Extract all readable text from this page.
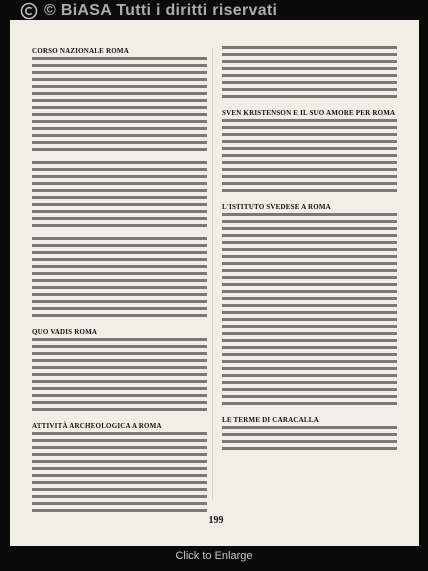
© BiASA Tutti i diritti riservati
CORSO NAZIONALE ROMA
QUO VADIS ROMA
ATTIVITÀ ARCHEOLOGICA A ROMA
SVEN KRISTENSON E IL SUO AMORE PER ROMA
L'ISTITUTO SVEDESE A ROMA
LE TERME DI CARACALLA
199
Click to Enlarge
